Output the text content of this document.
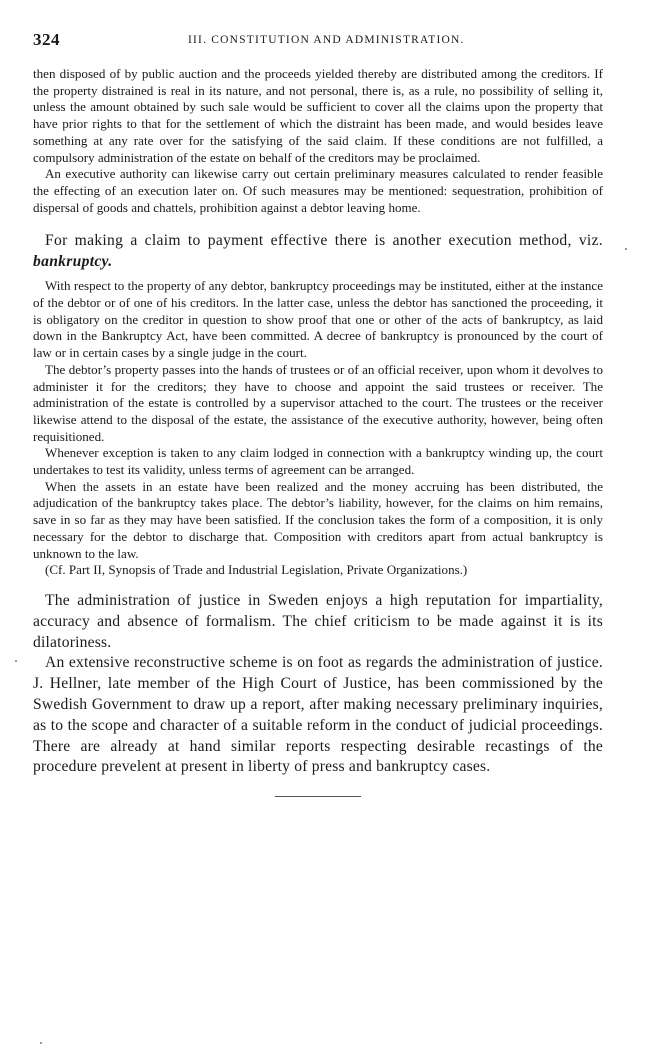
324	III. CONSTITUTION AND ADMINISTRATION.

then disposed of by public auction and the proceeds yielded thereby are distributed among the creditors. If the property distrained is real in its nature, and not personal, there is, as a rule, no possibility of selling it, unless the amount obtained by such sale would be sufficient to cover all the claims upon the property that have prior rights to that for the settlement of which the distraint has been made, and would besides leave something at any rate over for the satisfying of the said claim. If these conditions are not fulfilled, a compulsory administration of the estate on behalf of the creditors may be proclaimed.

An executive authority can likewise carry out certain preliminary measures calculated to render feasible the effecting of an execution later on. Of such measures may be mentioned: sequestration, prohibition of dispersal of goods and chattels, prohibition against a debtor leaving home.

For making a claim to payment effective there is another execution method, viz. bankruptcy.

With respect to the property of any debtor, bankruptcy proceedings may be instituted, either at the instance of the debtor or of one of his creditors. In the latter case, unless the debtor has sanctioned the proceeding, it is obligatory on the creditor in question to show proof that one or other of the acts of bankruptcy, as laid down in the Bankruptcy Act, have been committed. A decree of bankruptcy is pronounced by the court of law or in certain cases by a single judge in the court.

The debtor’s property passes into the hands of trustees or of an official receiver, upon whom it devolves to administer it for the creditors; they have to choose and appoint the said trustees or receiver. The administration of the estate is controlled by a supervisor attached to the court. The trustees or the receiver likewise attend to the disposal of the estate, the assistance of the executive authority, however, being often requisitioned.

Whenever exception is taken to any claim lodged in connection with a bankruptcy winding up, the court undertakes to test its validity, unless terms of agreement can be arranged.

When the assets in an estate have been realized and the money accruing has been distributed, the adjudication of the bankruptcy takes place. The debtor’s liability, however, for the claims on him remains, save in so far as they may have been satisfied. If the conclusion takes the form of a composition, it is only necessary for the debtor to discharge that. Composition with creditors apart from actual bankruptcy is unknown to the law.

(Cf. Part II, Synopsis of Trade and Industrial Legislation, Private Organizations.)

The administration of justice in Sweden enjoys a high reputation for impartiality, accuracy and absence of formalism. The chief criticism to be made against it is its dilatoriness.

An extensive reconstructive scheme is on foot as regards the administration of justice. J. Hellner, late member of the High Court of Justice, has been commissioned by the Swedish Government to draw up a report, after making necessary preliminary inquiries, as to the scope and character of a suitable reform in the conduct of judicial proceedings. There are already at hand similar reports respecting desirable recastings of the procedure prevelent at present in liberty of press and bankruptcy cases.
